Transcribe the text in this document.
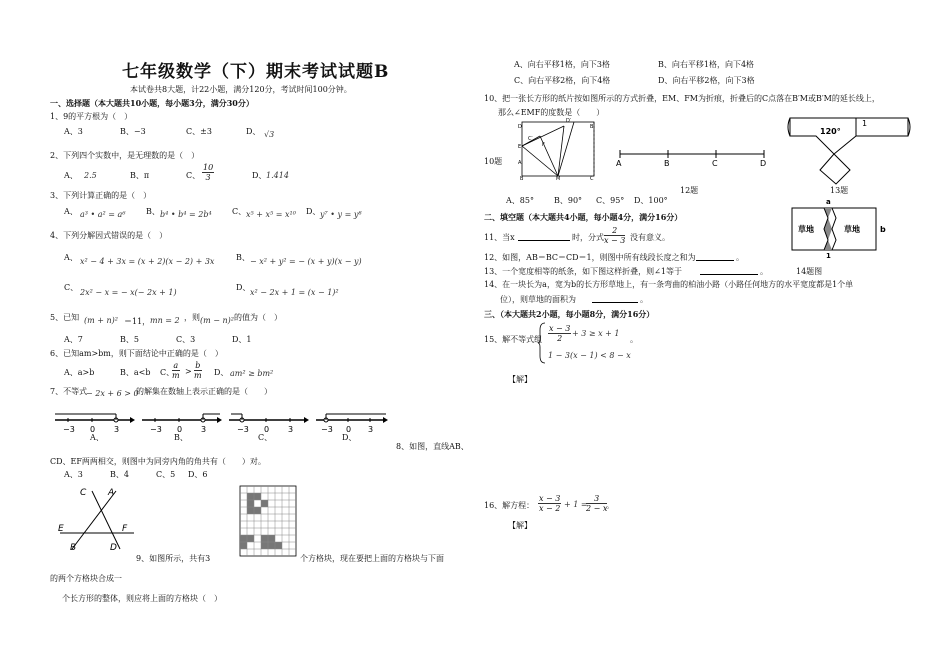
七年级数学（下）期末考试试题B
本试卷共8大题，计22小题，满分120分，考试时间100分钟。
一、选择题（本大题共10小题，每小题3分，满分30分）
1、9的平方根为（　）
A、3	B、−3	C、±3	D、 √3
2、下列四个实数中，是无理数的是（　）
A、 2.5	B、π	C、 $\frac{10}{3}$	D、 1.414
3、下列计算正确的是（　）
A、 a³ • a² = a⁶	B、 b⁴ • b⁴ = 2b⁴	C、 x⁵ + x⁵ = x¹⁰ D、 y⁷ • y = y⁸
4、下列分解因式错误的是（　）
A、 x² − 4 + 3x = (x + 2)(x − 2) + 3x	B、 − x² + y² = − (x + y)(x − y)
C、
2x² − x = − x(− 2x + 1)
D、
x² − 2x + 1 = (x − 1)²
5、已知 (m + n)² ＝11， mn = 2 ，则 (m − n)² 的值为（　）
A、7	B、5	C、3	D、1
6、已知am>bm，则下面结论中正确的是（　）
A、a>b	B、a<b C、
$\frac{a}{m} > \frac{b}{m}$ D、 am² ≥ bm²
7、不等式
− 2x + 6 > 0
的解集在数轴上表示正确的是（　　）
−3 0 3	−3 0 3	−3 0 3	−3 0 3
A、	B、	C、	D、
8、如图，直线AB、
CD、EF两两相交，则图中为同旁内角的角共有（　　）对。
A、3	B、4	C、5 D、6
C A
E	F
B	D
9、如图所示，共有3	个方格块，现在要把上面的方格块与下面
的两个方格块合成一
个长方形的整体，则应将上面的方格块（　）
A、向右平移1格，向下3格	B、向右平移1格，向下4格
C、向右平移2格，向下4格	D、向右平移2格，向下3格
10、把一张长方形的纸片按如图所示的方式折叠，EM、FM为折痕，折叠后的C点落在B′M或B′M的延长线上，
那么∠EMF的度数是（　　）
D′
C′
E
D
A
F
B	M	C
B′
10题
A、85°	B、90° C、95° D、100°
A	B	C	D
12题
120°
1
13题
草地	草地
a
1
b
14题图
二、填空题（本大题共4小题，每小题4分，满分16分）
11、当x	时，分式 $\frac{2}{x - 3}$ 没有意义。
12、如图，AB＝BC＝CD＝1，则图中所有线段长度之和为	。
13、一个宽度相等的纸条，如下图这样折叠，则∠1等于	。
14、在一块长为a，宽为b的长方形草地上，有一条弯曲的柏油小路（小路任何地方的水平宽度都是1个单
位），则草地的面积为	。
三、（本大题共2小题，每小题8分，满分16分）
15、解不等式组 $\frac{x - 3}{2} + 3 \ge x + 1$
1 − 3(x − 1) < 8 − x
。
【解】
16、解方程： $\frac{x - 3}{x - 2} + 1$ =
$\frac{3}{2 - x}$
。
【解】
